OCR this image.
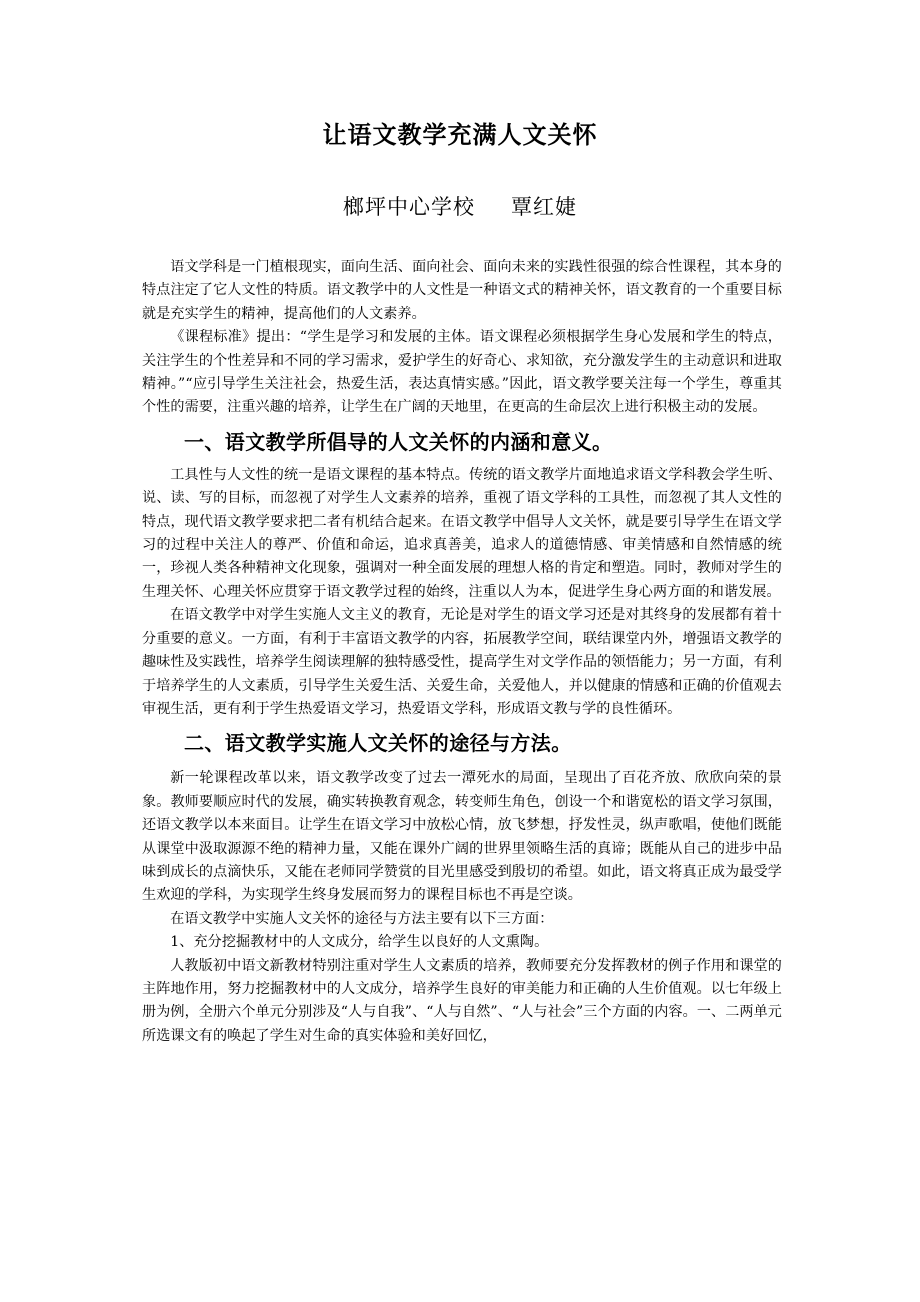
让语文教学充满人文关怀
榔坪中心学校 覃红婕

语文学科是一门植根现实，面向生活、面向社会、面向未来的实践性很强的综合性课程，其本身的特点注定了它人文性的特质。语文教学中的人文性是一种语文式的精神关怀，语文教育的一个重要目标就是充实学生的精神，提高他们的人文素养。

《课程标准》提出：“学生是学习和发展的主体。语文课程必须根据学生身心发展和学生的特点，关注学生的个性差异和不同的学习需求，爱护学生的好奇心、求知欲，充分激发学生的主动意识和进取精神。”“应引导学生关注社会，热爱生活，表达真情实感。”因此，语文教学要关注每一个学生，尊重其个性的需要，注重兴趣的培养，让学生在广阔的天地里，在更高的生命层次上进行积极主动的发展。

一、语文教学所倡导的人文关怀的内涵和意义。

工具性与人文性的统一是语文课程的基本特点。传统的语文教学片面地追求语文学科教会学生听、说、读、写的目标，而忽视了对学生人文素养的培养，重视了语文学科的工具性，而忽视了其人文性的特点，现代语文教学要求把二者有机结合起来。在语文教学中倡导人文关怀，就是要引导学生在语文学习的过程中关注人的尊严、价值和命运，追求真善美，追求人的道德情感、审美情感和自然情感的统一，珍视人类各种精神文化现象，强调对一种全面发展的理想人格的肯定和塑造。同时，教师对学生的生理关怀、心理关怀应贯穿于语文教学过程的始终，注重以人为本，促进学生身心两方面的和谐发展。

在语文教学中对学生实施人文主义的教育，无论是对学生的语文学习还是对其终身的发展都有着十分重要的意义。一方面，有利于丰富语文教学的内容，拓展教学空间，联结课堂内外，增强语文教学的趣味性及实践性，培养学生阅读理解的独特感受性，提高学生对文学作品的领悟能力；另一方面，有利于培养学生的人文素质，引导学生关爱生活、关爱生命，关爱他人，并以健康的情感和正确的价值观去审视生活，更有利于学生热爱语文学习，热爱语文学科，形成语文教与学的良性循环。

二、语文教学实施人文关怀的途径与方法。

新一轮课程改革以来，语文教学改变了过去一潭死水的局面，呈现出了百花齐放、欣欣向荣的景象。教师要顺应时代的发展，确实转换教育观念，转变师生角色，创设一个和谐宽松的语文学习氛围，还语文教学以本来面目。让学生在语文学习中放松心情，放飞梦想，抒发性灵，纵声歌唱，使他们既能从课堂中汲取源源不绝的精神力量，又能在课外广阔的世界里领略生活的真谛；既能从自己的进步中品味到成长的点滴快乐，又能在老师同学赞赏的目光里感受到殷切的希望。如此，语文将真正成为最受学生欢迎的学科，为实现学生终身发展而努力的课程目标也不再是空谈。

在语文教学中实施人文关怀的途径与方法主要有以下三方面：

1、充分挖掘教材中的人文成分，给学生以良好的人文熏陶。

人教版初中语文新教材特别注重对学生人文素质的培养，教师要充分发挥教材的例子作用和课堂的主阵地作用，努力挖掘教材中的人文成分，培养学生良好的审美能力和正确的人生价值观。以七年级上册为例，全册六个单元分别涉及“人与自我”、“人与自然”、“人与社会”三个方面的内容。一、二两单元所选课文有的唤起了学生对生命的真实体验和美好回忆，
